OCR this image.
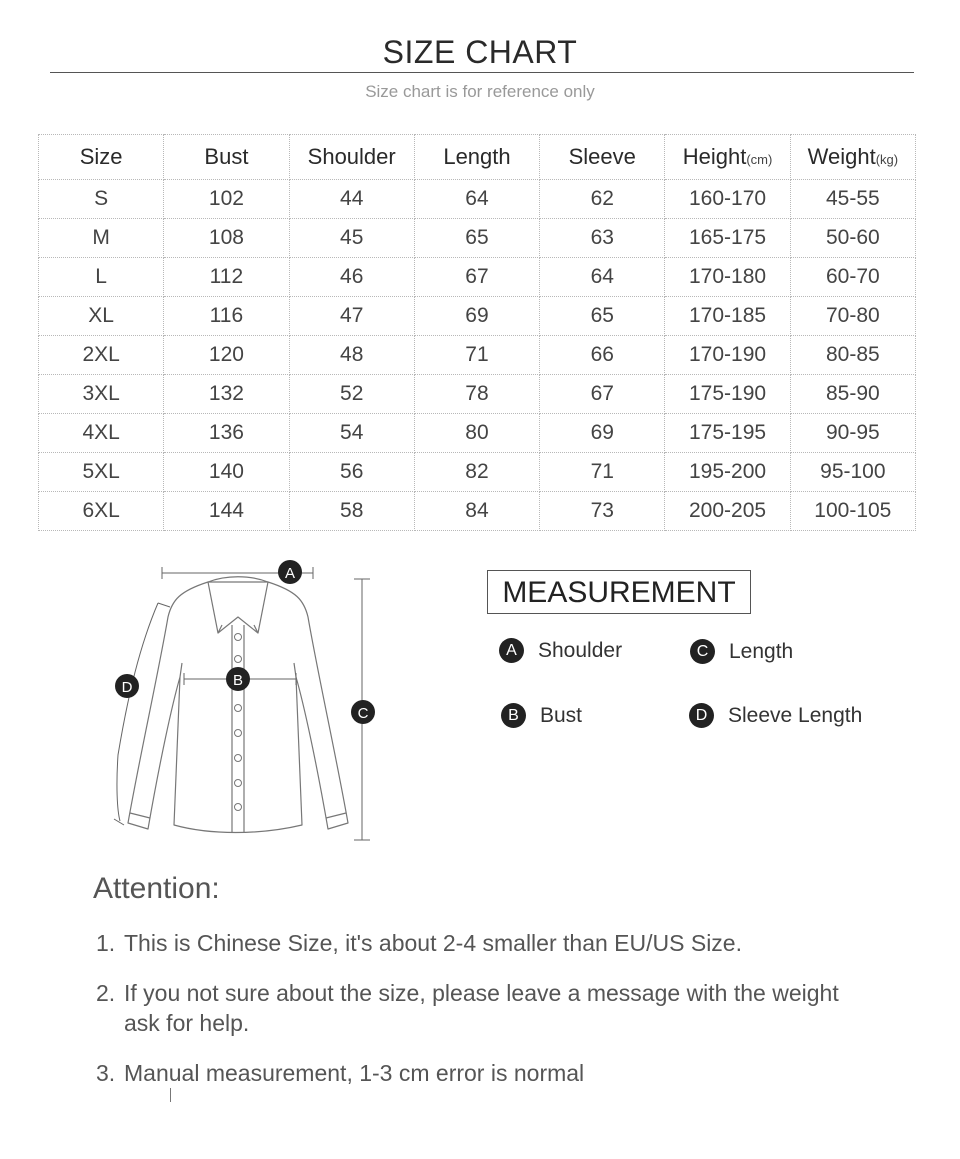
SIZE CHART
Size chart is for reference only
Size	Bust	Shoulder	Length	Sleeve	Height(cm)	Weight(kg)
S	102	44	64	62	160-170	45-55
M	108	45	65	63	165-175	50-60
L	112	46	67	64	170-180	60-70
XL	116	47	69	65	170-185	70-80
2XL	120	48	71	66	170-190	80-85
3XL	132	52	78	67	175-190	85-90
4XL	136	54	80	69	175-195	90-95
5XL	140	56	82	71	195-200	95-100
6XL	144	58	84	73	200-205	100-105
A
B
C
D
MEASUREMENT
A	Shoulder	C Length
B	Bust	D Sleeve Length
Attention:
1. This is Chinese Size, it's about 2-4 smaller than EU/US Size.
2. If you not sure about the size, please leave a message with the weight ask for help.
3. Manual measurement, 1-3 cm error is normal
